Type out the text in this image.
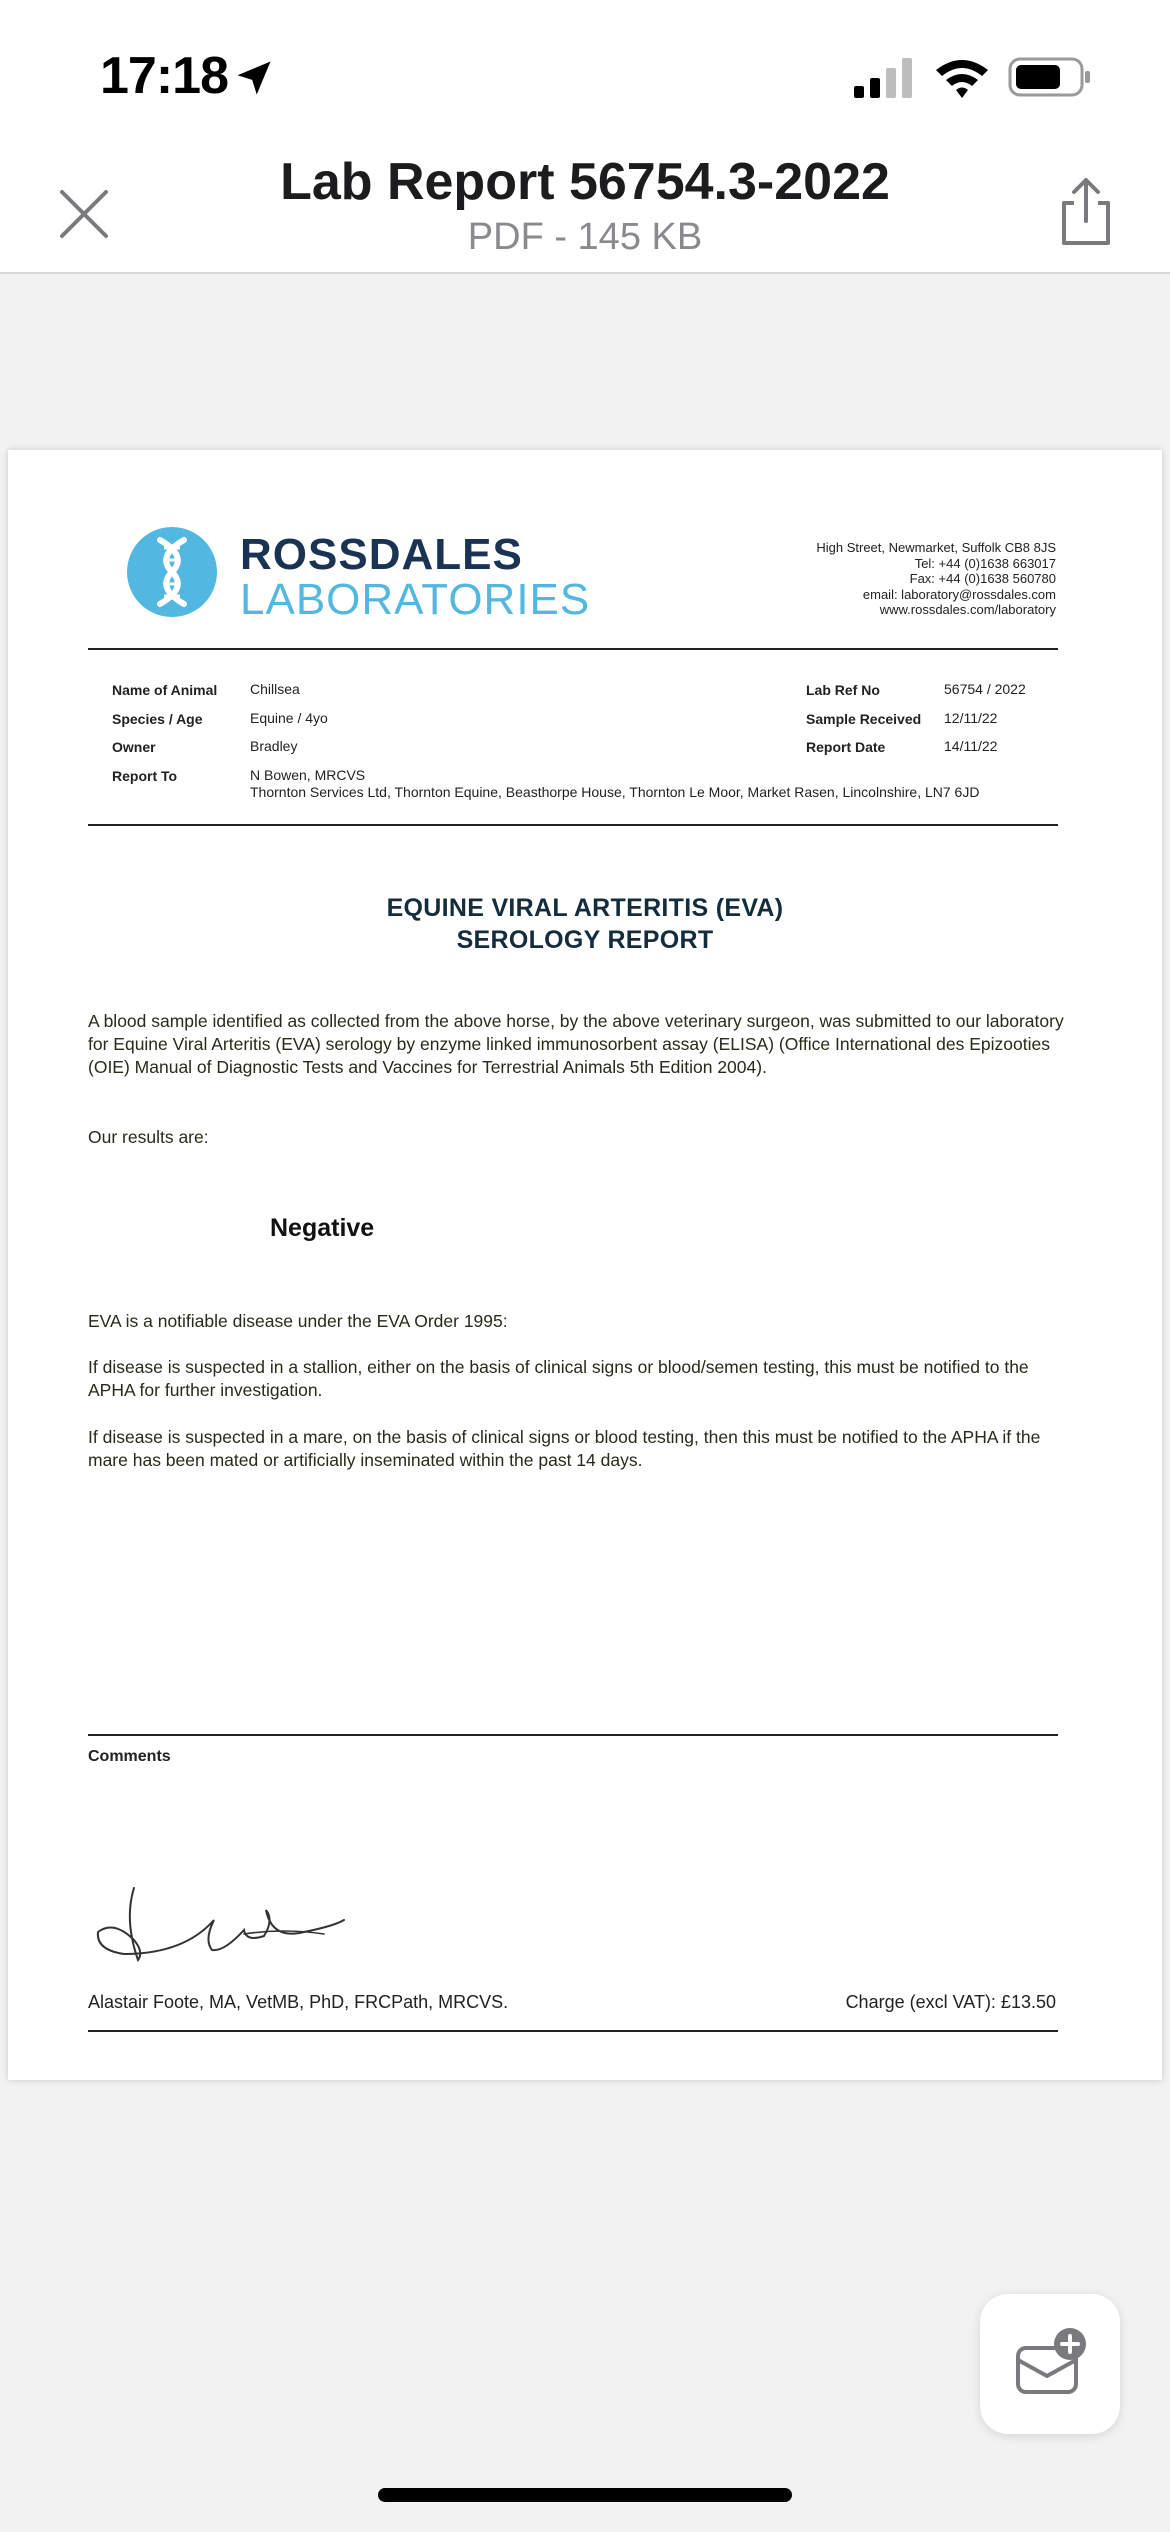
17:18
Lab Report 56754.3-2022
PDF - 145 KB
ROSSDALES
LABORATORIES
High Street, Newmarket, Suffolk CB8 8JS
Tel: +44 (0)1638 663017
Fax: +44 (0)1638 560780
email: laboratory@rossdales.com
www.rossdales.com/laboratory
Name of Animal Chillsea
Species / Age	Equine / 4yo
Owner	Bradley
Report To	N Bowen, MRCVS
Thornton Services Ltd, Thornton Equine, Beasthorpe House, Thornton Le Moor, Market Rasen, Lincolnshire, LN7 6JD
Lab Ref No	56754 / 2022
Sample Received 12/11/22
Report Date	14/11/22
EQUINE VIRAL ARTERITIS (EVA)
SEROLOGY REPORT
A blood sample identified as collected from the above horse, by the above veterinary surgeon, was submitted to our laboratory for Equine Viral Arteritis (EVA) serology by enzyme linked immunosorbent assay (ELISA) (Office International des Epizooties (OIE) Manual of Diagnostic Tests and Vaccines for Terrestrial Animals 5th Edition 2004).
Our results are:
Negative
EVA is a notifiable disease under the EVA Order 1995:
If disease is suspected in a stallion, either on the basis of clinical signs or blood/semen testing, this must be notified to the APHA for further investigation.
If disease is suspected in a mare, on the basis of clinical signs or blood testing, then this must be notified to the APHA if the mare has been mated or artificially inseminated within the past 14 days.
Comments
Alastair Foote, MA, VetMB, PhD, FRCPath, MRCVS.	Charge (excl VAT): £13.50
